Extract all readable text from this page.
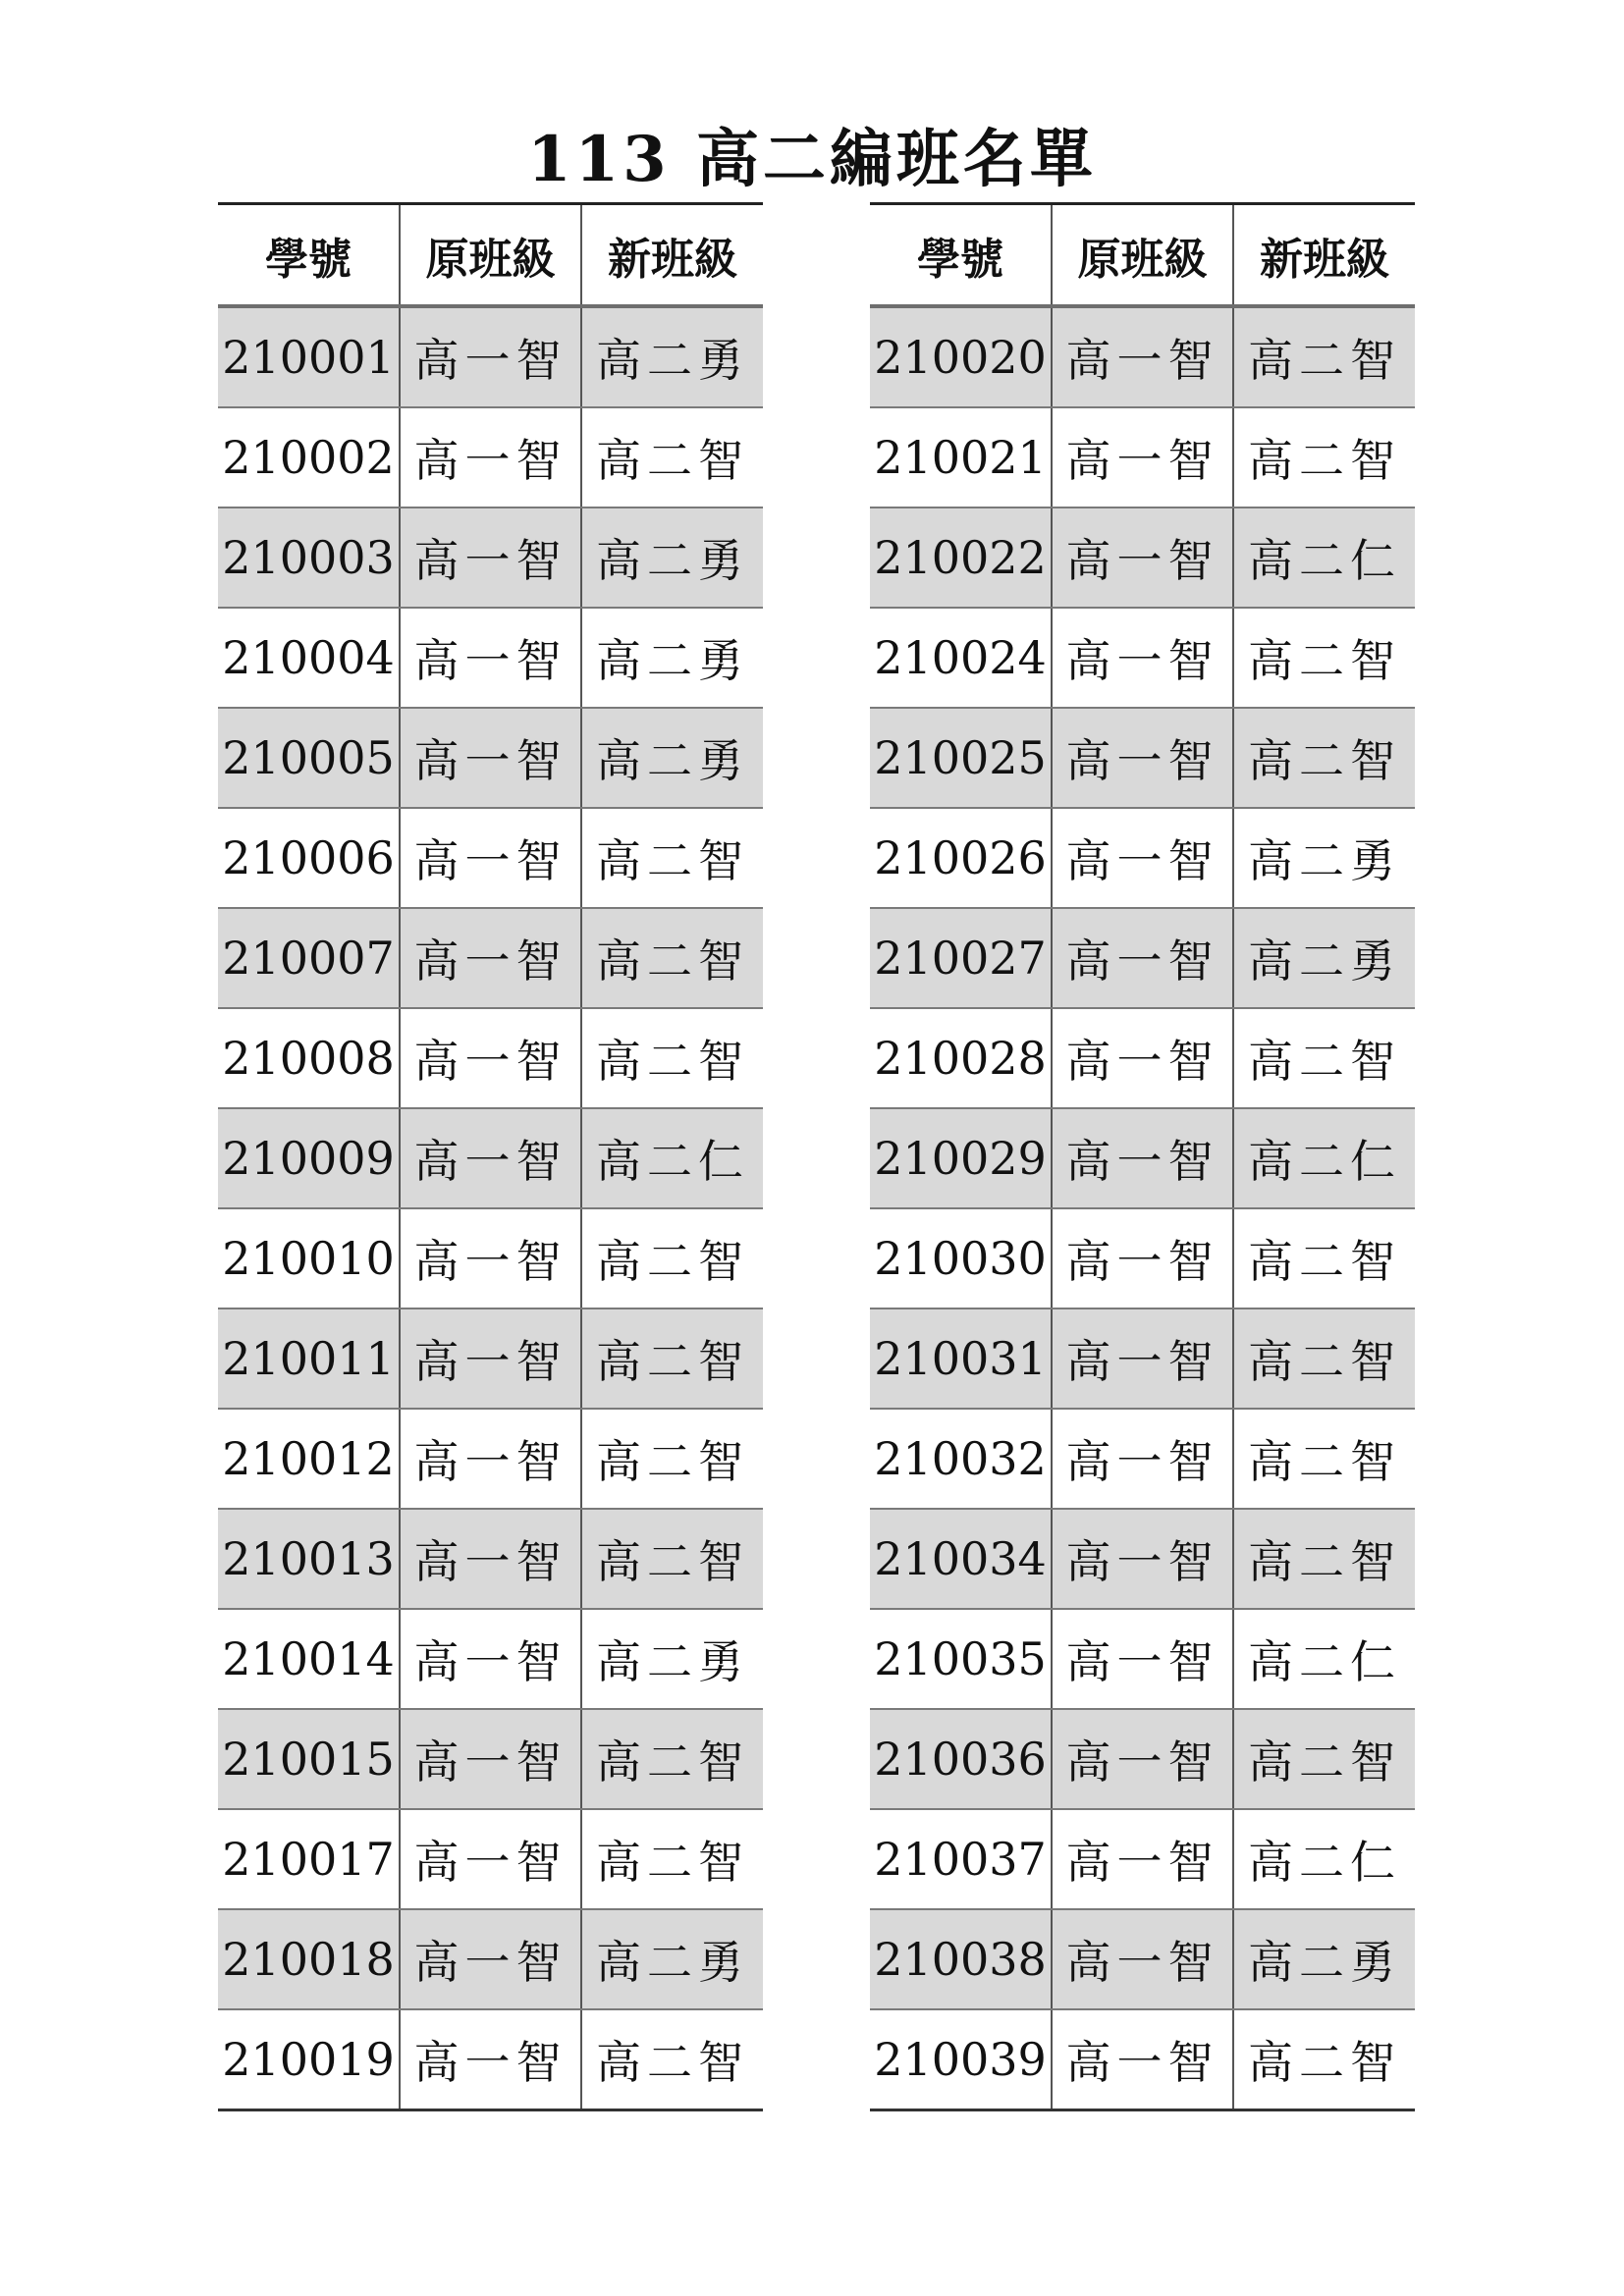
113 高二編班名單
學號	原班級	新班級
210001	高一智	高二勇
210002	高一智	高二智
210003	高一智	高二勇
210004	高一智	高二勇
210005	高一智	高二勇
210006	高一智	高二智
210007	高一智	高二智
210008	高一智	高二智
210009	高一智	高二仁
210010	高一智	高二智
210011	高一智	高二智
210012	高一智	高二智
210013	高一智	高二智
210014	高一智	高二勇
210015	高一智	高二智
210017	高一智	高二智
210018	高一智	高二勇
210019	高一智	高二智
學號	原班級	新班級
210020	高一智	高二智
210021	高一智	高二智
210022	高一智	高二仁
210024	高一智	高二智
210025	高一智	高二智
210026	高一智	高二勇
210027	高一智	高二勇
210028	高一智	高二智
210029	高一智	高二仁
210030	高一智	高二智
210031	高一智	高二智
210032	高一智	高二智
210034	高一智	高二智
210035	高一智	高二仁
210036	高一智	高二智
210037	高一智	高二仁
210038	高一智	高二勇
210039	高一智	高二智
